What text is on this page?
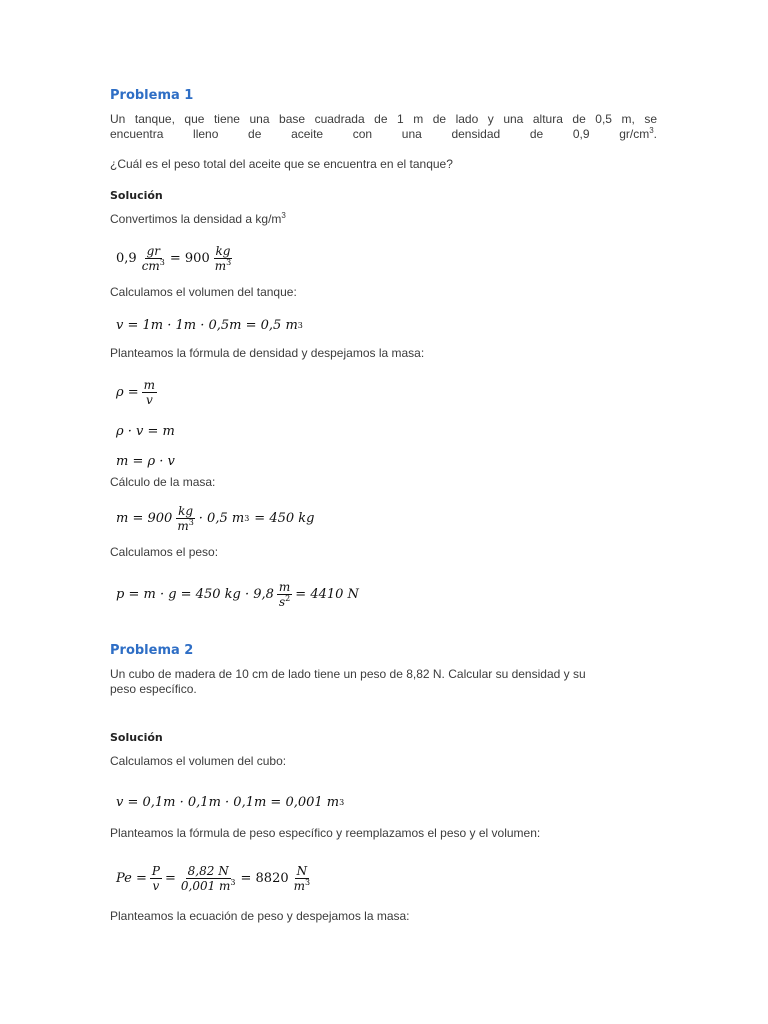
Problema 1
Un tanque, que tiene una base cuadrada de 1 m de lado y una altura de 0,5 m, se
encuentra lleno de aceite con una densidad de 0,9 $gr/cm^3$.
¿Cuál es el peso total del aceite que se encuentra en el tanque?
Solución
Convertimos la densidad a $kg/m^3$
$0,9 \frac{gr}{cm^3} = 900 \frac{kg}{m^3}$
Calculamos el volumen del tanque:
v = 1m · 1m · 0,5m = 0,5 m 3
Planteamos la fórmula de densidad y despejamos la masa:
$\rho = \frac{m}{v}$
ρ · v = m
m = ρ · v
Cálculo de la masa:
$m = 900 \frac{kg}{m^3} \cdot 0,5$ m 3 = 450 kg
Calculamos el peso:
p = m · g = 450 kg · $9,8 \frac{m}{s^2} = 4410$ N
Problema 2
Un cubo de madera de 10 cm de lado tiene un peso de 8,82 N. Calcular su densidad y su
peso específico.
Solución
Calculamos el volumen del cubo:
v = 0,1m · 0,1m · 0,1m = 0,001 m 3
Planteamos la fórmula de peso específico y reemplazamos el peso y el volumen:
$Pe = \frac{P}{v} = \frac{8,82 N}{0,001 m^3} = 8820 \frac{N}{m^3}$
Planteamos la ecuación de peso y despejamos la masa:
